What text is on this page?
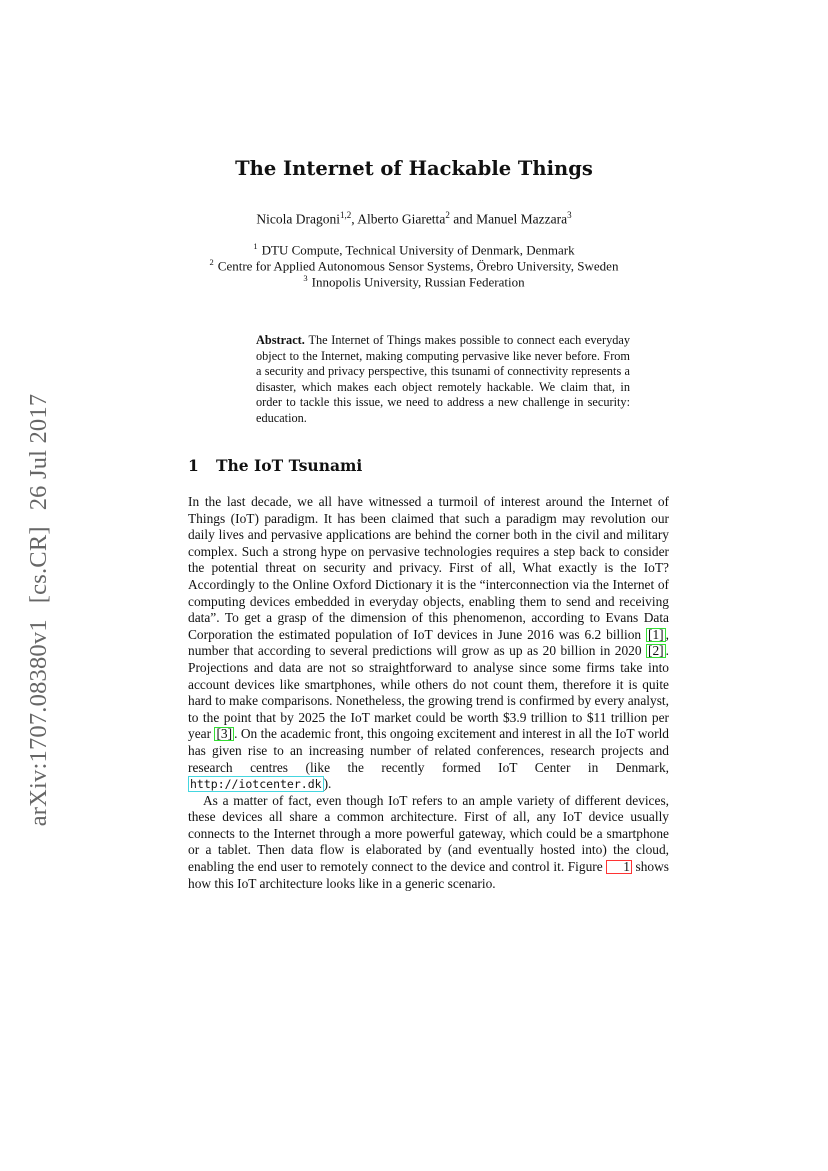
arXiv:1707.08380v1[cs.CR]26 Jul 2017
The Internet of Hackable Things
Nicola Dragoni$^{1,2}$, Alberto Giaretta$^2$ and Manuel Mazzara$^3$
$^1$ DTU Compute, Technical University of Denmark, Denmark
$^2$ Centre for Applied Autonomous Sensor Systems, Örebro University, Sweden
$^3$ Innopolis University, Russian Federation
Abstract. The Internet of Things makes possible to connect each everyday object to the Internet, making computing pervasive like never before. From a security and privacy perspective, this tsunami of connectivity represents a disaster, which makes each object remotely hackable. We claim that, in order to tackle this issue, we need to address a new challenge in security: education.
1 The IoT Tsunami

In the last decade, we all have witnessed a turmoil of interest around the Internet of Things (IoT) paradigm. It has been claimed that such a paradigm may revolution our daily lives and pervasive applications are behind the corner both in the civil and military complex. Such a strong hype on pervasive technologies requires a step back to consider the potential threat on security and privacy. First of all, What exactly is the IoT? Accordingly to the Online Oxford Dictionary it is the “interconnection via the Internet of computing devices embedded in everyday objects, enabling them to send and receiving data”. To get a grasp of the dimension of this phenomenon, according to Evans Data Corporation the estimated population of IoT devices in June 2016 was 6.2 billion [1] , number that according to several predictions will grow as up as 20 billion in 2020 [2] . Projections and data are not so straightforward to analyse since some firms take into account devices like smartphones, while others do not count them, therefore it is quite hard to make comparisons. Nonetheless, the growing trend is confirmed by every analyst, to the point that by 2025 the IoT market could be worth $3.9 trillion to $11 trillion per year [3] . On the academic front, this ongoing excitement and interest in all the IoT world has given rise to an increasing number of related conferences, research projects and research centres (like the recently formed IoT Center in Denmark, http://iotcenter.dk ).

As a matter of fact, even though IoT refers to an ample variety of different devices, these devices all share a common architecture. First of all, any IoT device usually connects to the Internet through a more powerful gateway, which could be a smartphone or a tablet. Then data flow is elaborated by (and eventually hosted into) the cloud, enabling the end user to remotely connect to the device and control it. Figure 1 shows how this IoT architecture looks like in a generic scenario.
